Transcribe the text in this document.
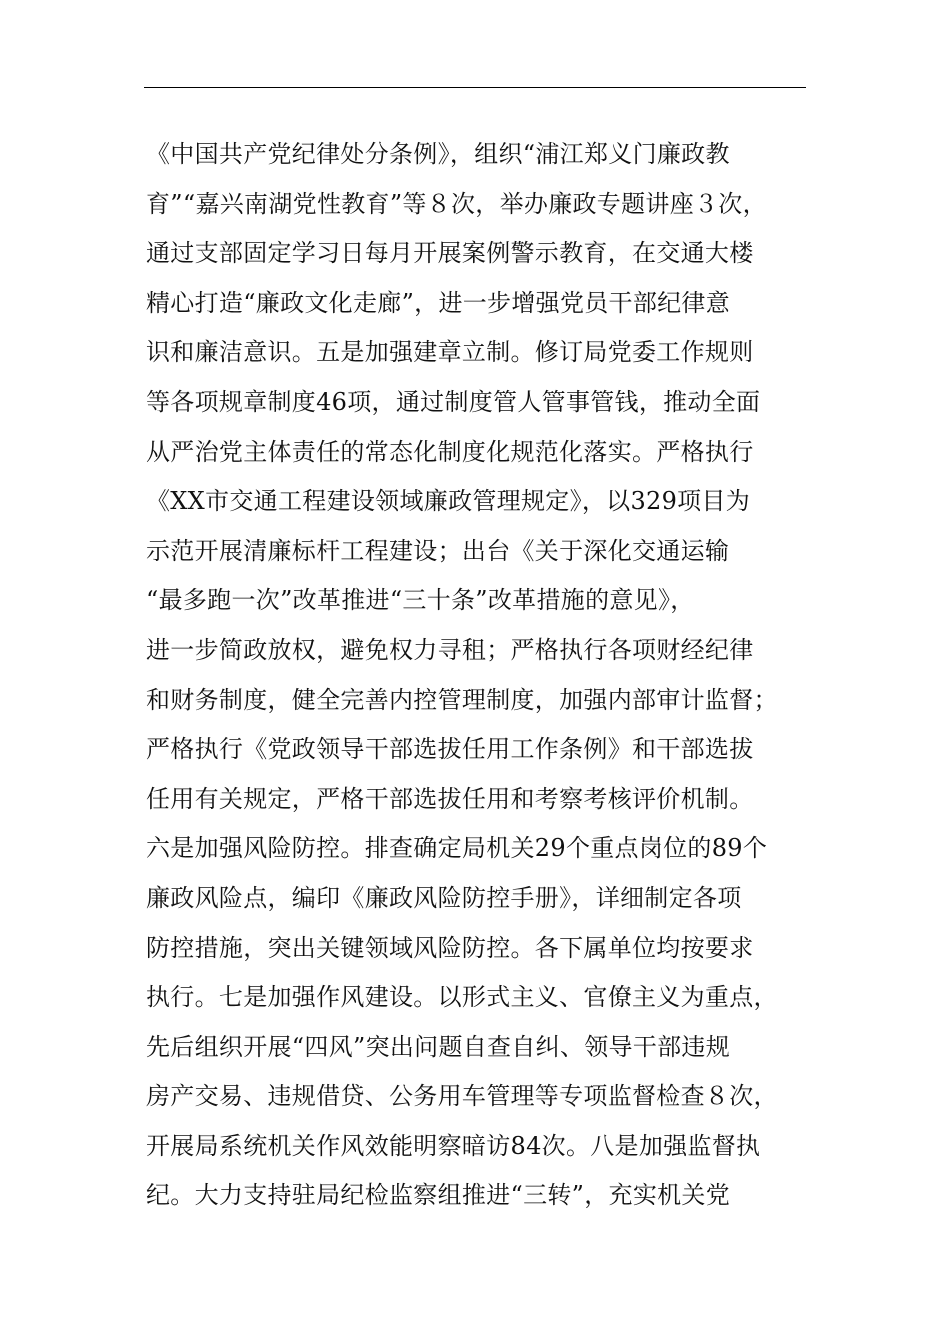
《中国共产党纪律处分条例》，组织“浦江郑义门廉政教
育”“嘉兴南湖党性教育”等８次，举办廉政专题讲座３次，
通过支部固定学习日每月开展案例警示教育，在交通大楼
精心打造“廉政文化走廊”，进一步增强党员干部纪律意
识和廉洁意识。五是加强建章立制。修订局党委工作规则
等各项规章制度46项，通过制度管人管事管钱，推动全面
从严治党主体责任的常态化制度化规范化落实。严格执行
《XX市交通工程建设领域廉政管理规定》，以329项目为
示范开展清廉标杆工程建设；出台《关于深化交通运输
“最多跑一次”改革推进“三十条”改革措施的意见》，
进一步简政放权，避免权力寻租；严格执行各项财经纪律
和财务制度，健全完善内控管理制度，加强内部审计监督；
严格执行《党政领导干部选拔任用工作条例》和干部选拔
任用有关规定，严格干部选拔任用和考察考核评价机制。
六是加强风险防控。排查确定局机关29个重点岗位的89个
廉政风险点，编印《廉政风险防控手册》，详细制定各项
防控措施，突出关键领域风险防控。各下属单位均按要求
执行。七是加强作风建设。以形式主义、官僚主义为重点，
先后组织开展“四风”突出问题自查自纠、领导干部违规
房产交易、违规借贷、公务用车管理等专项监督检查８次，
开展局系统机关作风效能明察暗访84次。八是加强监督执
纪。大力支持驻局纪检监察组推进“三转”，充实机关党
